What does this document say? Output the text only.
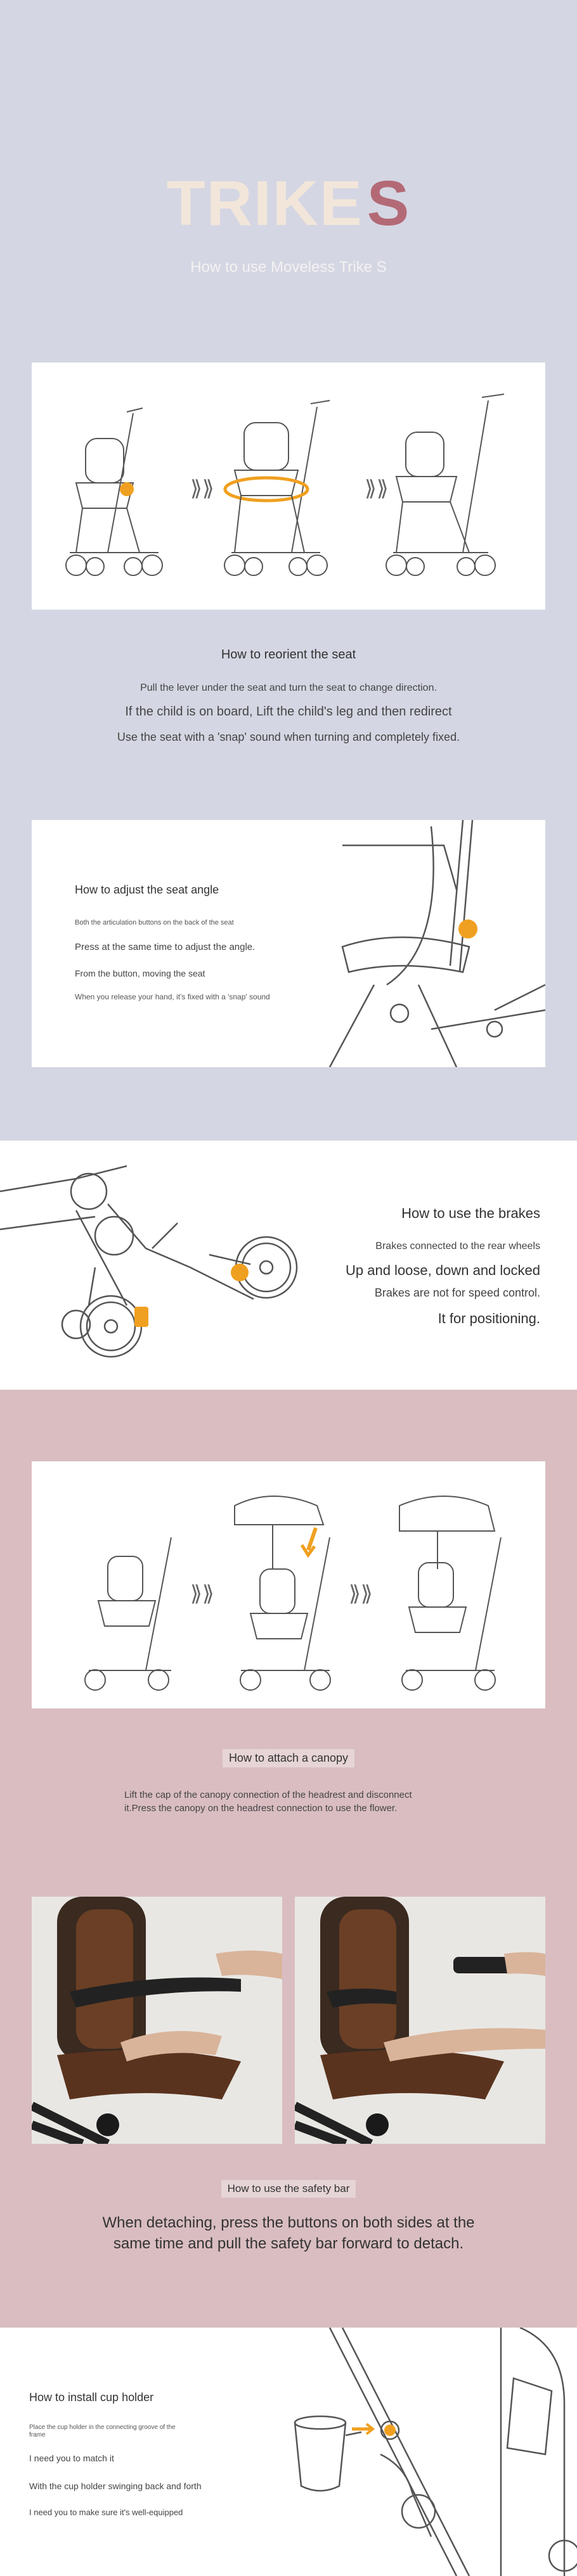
TRIKES
How to use Moveless Trike S
⟫⟫	⟫⟫
How to reorient the seat
Pull the lever under the seat and turn the seat to change direction.
If the child is on board, Lift the child's leg and then redirect
Use the seat with a 'snap' sound when turning and completely fixed.
How to adjust the seat angle
Both the articulation buttons on the back of the seat
Press at the same time to adjust the angle.
From the button, moving the seat
When you release your hand, it's fixed with a 'snap' sound
How to use the brakes
Brakes connected to the rear wheels
Up and loose, down and locked
Brakes are not for speed control.
It for positioning.
⟫⟫	⟫⟫
How to attach a canopy
Lift the cap of the canopy connection of the headrest and disconnect
it.Press the canopy on the headrest connection to use the flower.
How to use the safety bar
When detaching, press the buttons on both sides at the
same time and pull the safety bar forward to detach.
How to install cup holder
Place the cup holder in the connecting groove of the
frame
I need you to match it
With the cup holder swinging back and forth
I need you to make sure it's well-equipped
